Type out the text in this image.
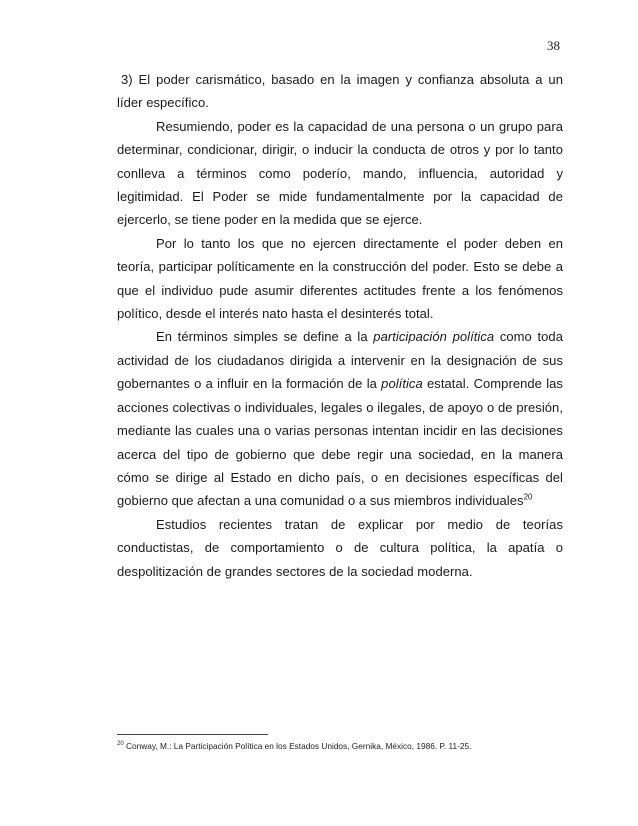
38

3) El poder carismático, basado en la imagen y confianza absoluta a un líder específico.

Resumiendo, poder es la capacidad de una persona o un grupo para determinar, condicionar, dirigir, o inducir la conducta de otros y por lo tanto conlleva a términos como poderío, mando, influencia, autoridad y legitimidad. El Poder se mide fundamentalmente por la capacidad de ejercerlo, se tiene poder en la medida que se ejerce.

Por lo tanto los que no ejercen directamente el poder deben en teoría, participar políticamente en la construcción del poder. Esto se debe a que el individuo pude asumir diferentes actitudes frente a los fenómenos político, desde el interés nato hasta el desinterés total.

En términos simples se define a la participación política como toda actividad de los ciudadanos dirigida a intervenir en la designación de sus gobernantes o a influir en la formación de la política estatal. Comprende las acciones colectivas o individuales, legales o ilegales, de apoyo o de presión, mediante las cuales una o varias personas intentan incidir en las decisiones acerca del tipo de gobierno que debe regir una sociedad, en la manera cómo se dirige al Estado en dicho país, o en decisiones específicas del gobierno que afectan a una comunidad o a sus miembros individuales$^{20}$

Estudios recientes tratan de explicar por medio de teorías conductistas, de comportamiento o de cultura política, la apatía o despolitización de grandes sectores de la sociedad moderna.

$^{20}$ Conway, M.: La Participación Política en los Estados Unidos, Gernika, México, 1986. P. 11-25.
